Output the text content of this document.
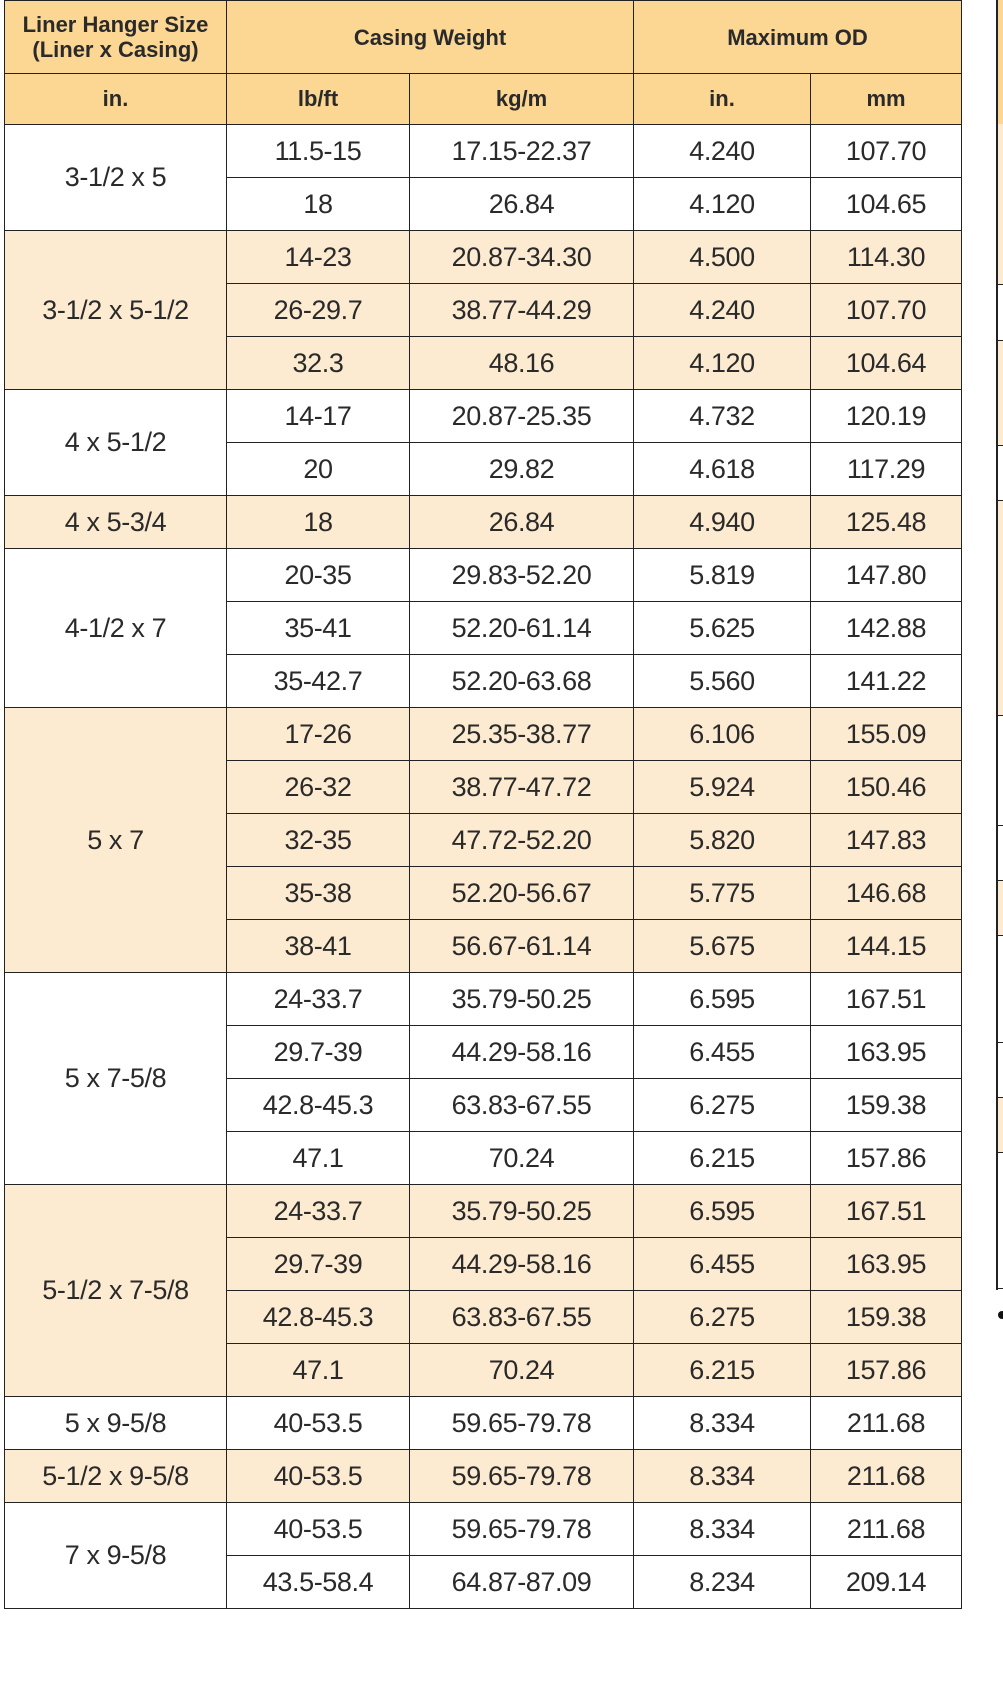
Liner Hanger Size (Liner x Casing)	Casing Weight		Maximum OD	
in.	lb/ft	kg/m	in.	mm
3-1/2 x 5	11.5-15	17.15-22.37	4.240	107.70
	18	26.84	4.120	104.65
3-1/2 x 5-1/2	14-23	20.87-34.30	4.500	114.30
	26-29.7	38.77-44.29	4.240	107.70
	32.3	48.16	4.120	104.64
4 x 5-1/2	14-17	20.87-25.35	4.732	120.19
	20	29.82	4.618	117.29
4 x 5-3/4	18	26.84	4.940	125.48
4-1/2 x 7	20-35	29.83-52.20	5.819	147.80
	35-41	52.20-61.14	5.625	142.88
	35-42.7	52.20-63.68	5.560	141.22
5 x 7	17-26	25.35-38.77	6.106	155.09
	26-32	38.77-47.72	5.924	150.46
	32-35	47.72-52.20	5.820	147.83
	35-38	52.20-56.67	5.775	146.68
	38-41	56.67-61.14	5.675	144.15
5 x 7-5/8	24-33.7	35.79-50.25	6.595	167.51
	29.7-39	44.29-58.16	6.455	163.95
	42.8-45.3	63.83-67.55	6.275	159.38
	47.1	70.24	6.215	157.86
5-1/2 x 7-5/8	24-33.7	35.79-50.25	6.595	167.51
	29.7-39	44.29-58.16	6.455	163.95
	42.8-45.3	63.83-67.55	6.275	159.38
	47.1	70.24	6.215	157.86
5 x 9-5/8	40-53.5	59.65-79.78	8.334	211.68
5-1/2 x 9-5/8	40-53.5	59.65-79.78	8.334	211.68
7 x 9-5/8	40-53.5	59.65-79.78	8.334	211.68
	43.5-58.4	64.87-87.09	8.234	209.14
